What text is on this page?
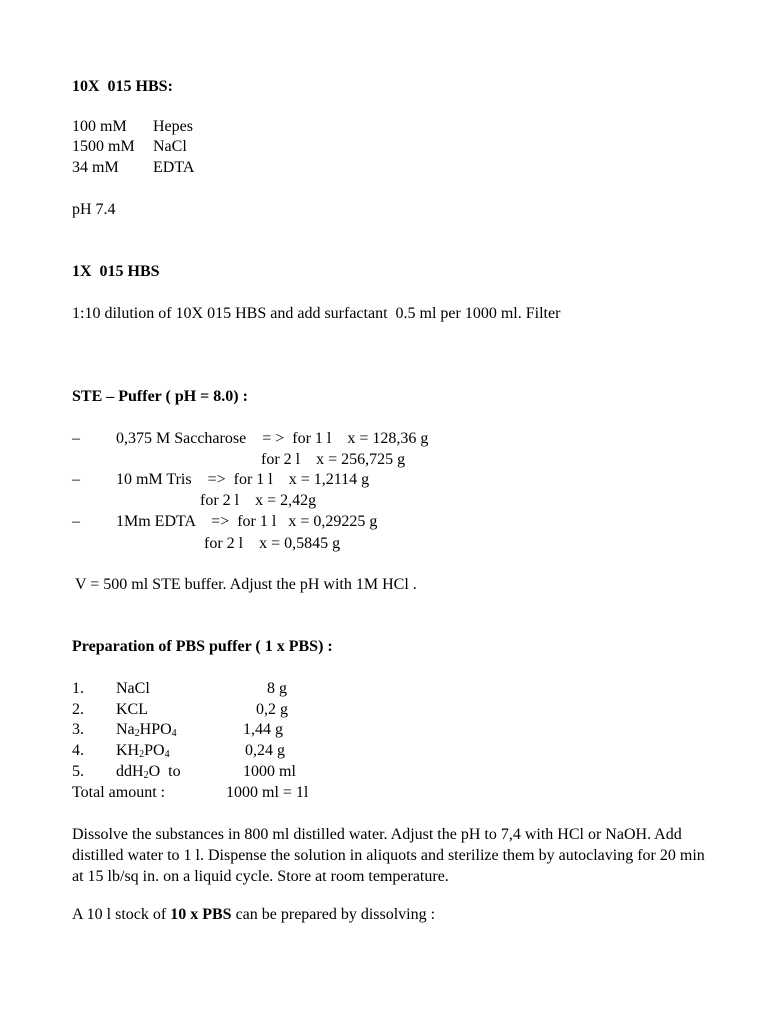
10X  015 HBS:
100 mM Hepes
1500 mM NaCl
34 mM EDTA
pH 7.4
1X  015 HBS
1:10 dilution of 10X 015 HBS and add surfactant  0.5 ml per 1000 ml. Filter
STE – Puffer ( pH = 8.0) :
– 0,375 M Saccharose    = >  for 1 l    x = 128,36 g
for 2 l    x = 256,725 g
– 10 mM Tris    =>  for 1 l    x = 1,2114 g
for 2 l    x = 2,42g
– 1Mm EDTA    =>  for 1 l   x = 0,29225 g
for 2 l    x = 0,5845 g
V = 500 ml STE buffer. Adjust the pH with 1M HCl .
Preparation of PBS puffer ( 1 x PBS) :
1. NaCl	8 g
2. KCL	0,2 g
3. $Na_2HPO_4$	1,44 g
4. $KH_2PO_4$	0,24 g
5. ddH$_2$O  to	1000 ml
Total amount :	1000 ml = 1l
Dissolve the substances in 800 ml distilled water. Adjust the pH to 7,4 with HCl or NaOH. Add distilled water to 1 l. Dispense the solution in aliquots and sterilize them by autoclaving for 20 min at 15 lb/sq in. on a liquid cycle. Store at room temperature.
A 10 l stock of 10 x PBS can be prepared by dissolving :
